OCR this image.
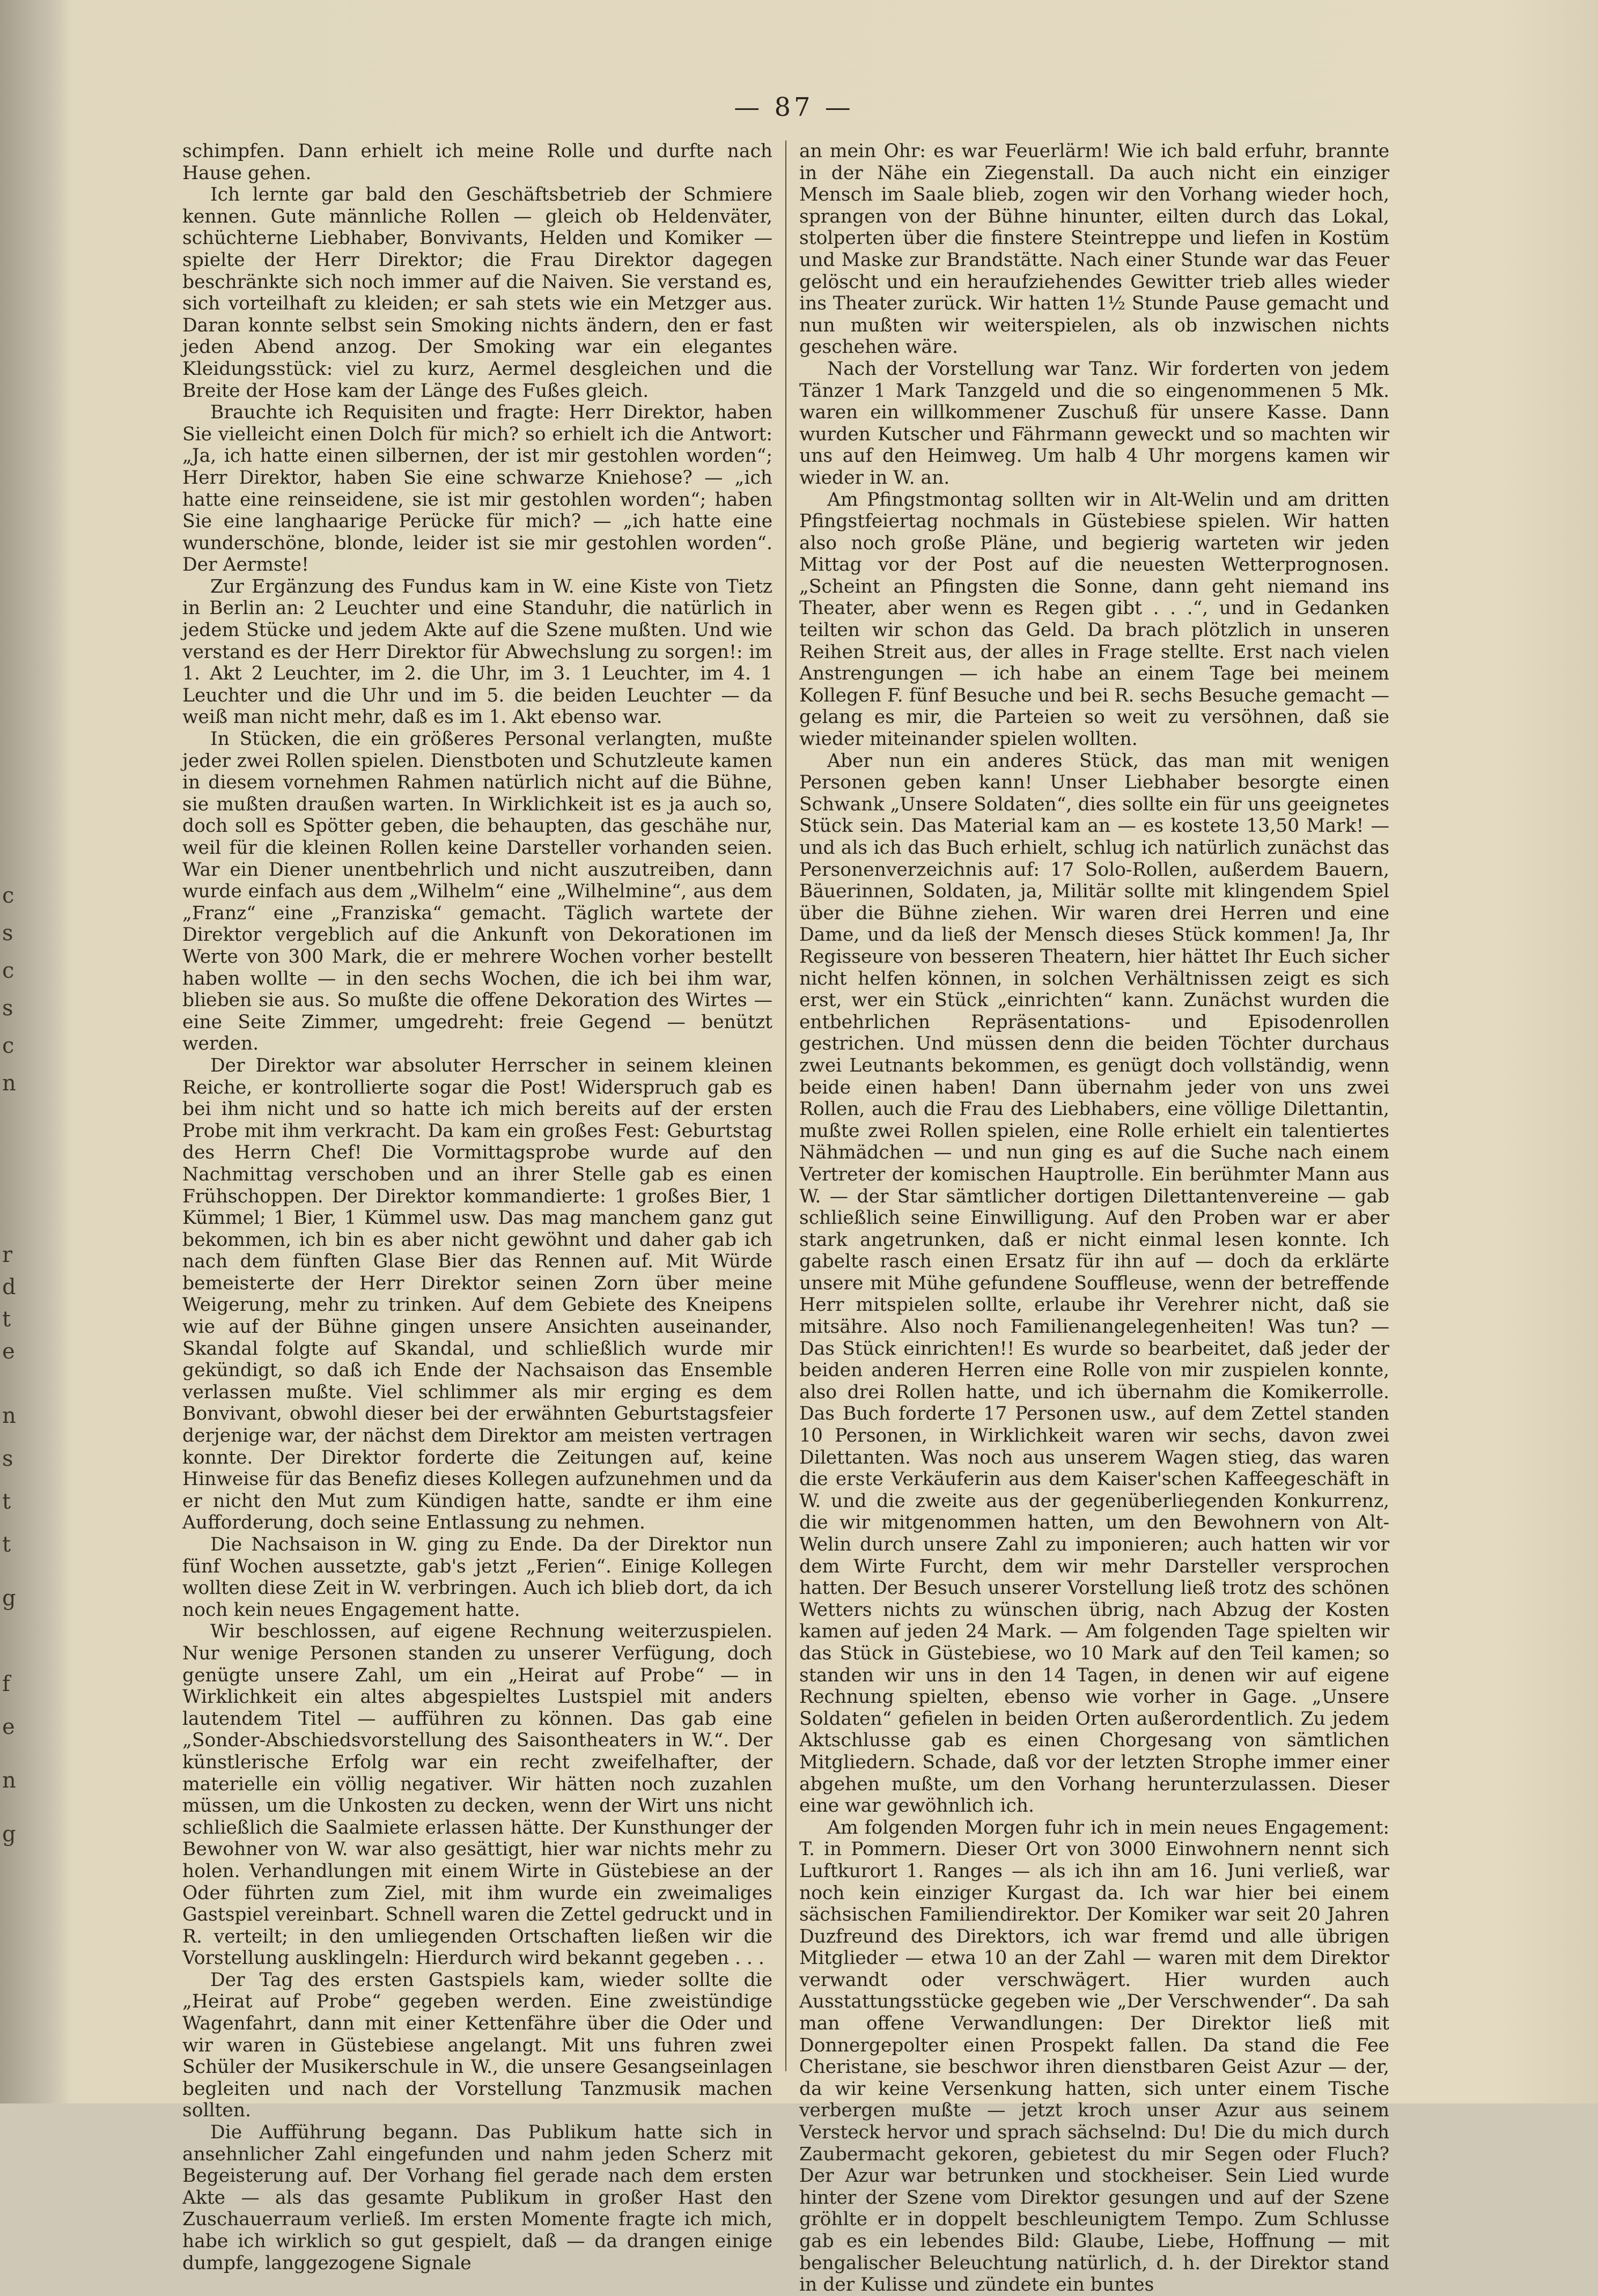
c
s
c
s
c
n
r
d
t
e
n
s
t
t
g
f
e
n
g
— 87 —

schimpfen. Dann erhielt ich meine Rolle und durfte nach Hause gehen.

Ich lernte gar bald den Geschäftsbetrieb der Schmiere kennen. Gute männliche Rollen — gleich ob Heldenväter, schüchterne Liebhaber, Bonvivants, Helden und Komiker — spielte der Herr Direktor; die Frau Direktor dagegen beschränkte sich noch immer auf die Naiven. Sie verstand es, sich vorteilhaft zu kleiden; er sah stets wie ein Metzger aus. Daran konnte selbst sein Smoking nichts ändern, den er fast jeden Abend anzog. Der Smoking war ein elegantes Kleidungsstück: viel zu kurz, Aermel desgleichen und die Breite der Hose kam der Länge des Fußes gleich.

Brauchte ich Requisiten und fragte: Herr Direktor, haben Sie vielleicht einen Dolch für mich? so erhielt ich die Antwort: „Ja, ich hatte einen silbernen, der ist mir gestohlen worden“; Herr Direktor, haben Sie eine schwarze Kniehose? — „ich hatte eine reinseidene, sie ist mir gestohlen worden“; haben Sie eine langhaarige Perücke für mich? — „ich hatte eine wunderschöne, blonde, leider ist sie mir gestohlen worden“. Der Aermste!

Zur Ergänzung des Fundus kam in W. eine Kiste von Tietz in Berlin an: 2 Leuchter und eine Standuhr, die natürlich in jedem Stücke und jedem Akte auf die Szene mußten. Und wie verstand es der Herr Direktor für Abwechslung zu sorgen!: im 1. Akt 2 Leuchter, im 2. die Uhr, im 3. 1 Leuchter, im 4. 1 Leuchter und die Uhr und im 5. die beiden Leuchter — da weiß man nicht mehr, daß es im 1. Akt ebenso war.

In Stücken, die ein größeres Personal verlangten, mußte jeder zwei Rollen spielen. Dienstboten und Schutzleute kamen in diesem vornehmen Rahmen natürlich nicht auf die Bühne, sie mußten draußen warten. In Wirklichkeit ist es ja auch so, doch soll es Spötter geben, die behaupten, das geschähe nur, weil für die kleinen Rollen keine Darsteller vorhanden seien. War ein Diener unentbehrlich und nicht auszutreiben, dann wurde einfach aus dem „Wilhelm“ eine „Wilhelmine“, aus dem „Franz“ eine „Franziska“ gemacht. Täglich wartete der Direktor vergeblich auf die Ankunft von Dekorationen im Werte von 300 Mark, die er mehrere Wochen vorher bestellt haben wollte — in den sechs Wochen, die ich bei ihm war, blieben sie aus. So mußte die offene Dekoration des Wirtes — eine Seite Zimmer, umgedreht: freie Gegend — benützt werden.

Der Direktor war absoluter Herrscher in seinem kleinen Reiche, er kontrollierte sogar die Post! Widerspruch gab es bei ihm nicht und so hatte ich mich bereits auf der ersten Probe mit ihm verkracht. Da kam ein großes Fest: Geburtstag des Herrn Chef! Die Vormittagsprobe wurde auf den Nachmittag verschoben und an ihrer Stelle gab es einen Frühschoppen. Der Direktor kommandierte: 1 großes Bier, 1 Kümmel; 1 Bier, 1 Kümmel usw. Das mag manchem ganz gut bekommen, ich bin es aber nicht gewöhnt und daher gab ich nach dem fünften Glase Bier das Rennen auf. Mit Würde bemeisterte der Herr Direktor seinen Zorn über meine Weigerung, mehr zu trinken. Auf dem Gebiete des Kneipens wie auf der Bühne gingen unsere Ansichten auseinander, Skandal folgte auf Skandal, und schließlich wurde mir gekündigt, so daß ich Ende der Nachsaison das Ensemble verlassen mußte. Viel schlimmer als mir erging es dem Bonvivant, obwohl dieser bei der erwähnten Geburtstagsfeier derjenige war, der nächst dem Direktor am meisten vertragen konnte. Der Direktor forderte die Zeitungen auf, keine Hinweise für das Benefiz dieses Kollegen aufzunehmen und da er nicht den Mut zum Kündigen hatte, sandte er ihm eine Aufforderung, doch seine Entlassung zu nehmen.

Die Nachsaison in W. ging zu Ende. Da der Direktor nun fünf Wochen aussetzte, gab's jetzt „Ferien“. Einige Kollegen wollten diese Zeit in W. verbringen. Auch ich blieb dort, da ich noch kein neues Engagement hatte.

Wir beschlossen, auf eigene Rechnung weiterzuspielen. Nur wenige Personen standen zu unserer Verfügung, doch genügte unsere Zahl, um ein „Heirat auf Probe“ — in Wirklichkeit ein altes abgespieltes Lustspiel mit anders lautendem Titel — aufführen zu können. Das gab eine „Sonder-Abschiedsvorstellung des Saisontheaters in W.“. Der künstlerische Erfolg war ein recht zweifelhafter, der materielle ein völlig negativer. Wir hätten noch zuzahlen müssen, um die Unkosten zu decken, wenn der Wirt uns nicht schließlich die Saalmiete erlassen hätte. Der Kunsthunger der Bewohner von W. war also gesättigt, hier war nichts mehr zu holen. Verhandlungen mit einem Wirte in Güstebiese an der Oder führten zum Ziel, mit ihm wurde ein zweimaliges Gastspiel vereinbart. Schnell waren die Zettel gedruckt und in R. verteilt; in den umliegenden Ortschaften ließen wir die Vorstellung ausklingeln: Hierdurch wird bekannt gegeben . . .

Der Tag des ersten Gastspiels kam, wieder sollte die „Heirat auf Probe“ gegeben werden. Eine zweistündige Wagenfahrt, dann mit einer Kettenfähre über die Oder und wir waren in Güstebiese angelangt. Mit uns fuhren zwei Schüler der Musikerschule in W., die unsere Gesangseinlagen begleiten und nach der Vorstellung Tanzmusik machen sollten.

Die Aufführung begann. Das Publikum hatte sich in ansehnlicher Zahl eingefunden und nahm jeden Scherz mit Begeisterung auf. Der Vorhang fiel gerade nach dem ersten Akte — als das gesamte Publikum in großer Hast den Zuschauerraum verließ. Im ersten Momente fragte ich mich, habe ich wirklich so gut gespielt, daß — da drangen einige dumpfe, langgezogene Signale

an mein Ohr: es war Feuerlärm! Wie ich bald erfuhr, brannte in der Nähe ein Ziegenstall. Da auch nicht ein einziger Mensch im Saale blieb, zogen wir den Vorhang wieder hoch, sprangen von der Bühne hinunter, eilten durch das Lokal, stolperten über die finstere Steintreppe und liefen in Kostüm und Maske zur Brandstätte. Nach einer Stunde war das Feuer gelöscht und ein heraufziehendes Gewitter trieb alles wieder ins Theater zurück. Wir hatten 1½ Stunde Pause gemacht und nun mußten wir weiterspielen, als ob inzwischen nichts geschehen wäre.

Nach der Vorstellung war Tanz. Wir forderten von jedem Tänzer 1 Mark Tanzgeld und die so eingenommenen 5 Mk. waren ein willkommener Zuschuß für unsere Kasse. Dann wurden Kutscher und Fährmann geweckt und so machten wir uns auf den Heimweg. Um halb 4 Uhr morgens kamen wir wieder in W. an.

Am Pfingstmontag sollten wir in Alt-Welin und am dritten Pfingstfeiertag nochmals in Güstebiese spielen. Wir hatten also noch große Pläne, und begierig warteten wir jeden Mittag vor der Post auf die neuesten Wetterprognosen. „Scheint an Pfingsten die Sonne, dann geht niemand ins Theater, aber wenn es Regen gibt . . .“, und in Gedanken teilten wir schon das Geld. Da brach plötzlich in unseren Reihen Streit aus, der alles in Frage stellte. Erst nach vielen Anstrengungen — ich habe an einem Tage bei meinem Kollegen F. fünf Besuche und bei R. sechs Besuche gemacht — gelang es mir, die Parteien so weit zu versöhnen, daß sie wieder miteinander spielen wollten.

Aber nun ein anderes Stück, das man mit wenigen Personen geben kann! Unser Liebhaber besorgte einen Schwank „Unsere Soldaten“, dies sollte ein für uns geeignetes Stück sein. Das Material kam an — es kostete 13,50 Mark! — und als ich das Buch erhielt, schlug ich natürlich zunächst das Personenverzeichnis auf: 17 Solo-Rollen, außerdem Bauern, Bäuerinnen, Soldaten, ja, Militär sollte mit klingendem Spiel über die Bühne ziehen. Wir waren drei Herren und eine Dame, und da ließ der Mensch dieses Stück kommen! Ja, Ihr Regisseure von besseren Theatern, hier hättet Ihr Euch sicher nicht helfen können, in solchen Verhältnissen zeigt es sich erst, wer ein Stück „einrichten“ kann. Zunächst wurden die entbehrlichen Repräsentations- und Episodenrollen gestrichen. Und müssen denn die beiden Töchter durchaus zwei Leutnants bekommen, es genügt doch vollständig, wenn beide einen haben! Dann übernahm jeder von uns zwei Rollen, auch die Frau des Liebhabers, eine völlige Dilettantin, mußte zwei Rollen spielen, eine Rolle erhielt ein talentiertes Nähmädchen — und nun ging es auf die Suche nach einem Vertreter der komischen Hauptrolle. Ein berühmter Mann aus W. — der Star sämtlicher dortigen Dilettantenvereine — gab schließlich seine Einwilligung. Auf den Proben war er aber stark angetrunken, daß er nicht einmal lesen konnte. Ich gabelte rasch einen Ersatz für ihn auf — doch da erklärte unsere mit Mühe gefundene Souffleuse, wenn der betreffende Herr mitspielen sollte, erlaube ihr Verehrer nicht, daß sie mitsähre. Also noch Familienangelegenheiten! Was tun? — Das Stück einrichten!! Es wurde so bearbeitet, daß jeder der beiden anderen Herren eine Rolle von mir zuspielen konnte, also drei Rollen hatte, und ich übernahm die Komikerrolle. Das Buch forderte 17 Personen usw., auf dem Zettel standen 10 Personen, in Wirklichkeit waren wir sechs, davon zwei Dilettanten. Was noch aus unserem Wagen stieg, das waren die erste Verkäuferin aus dem Kaiser'schen Kaffeegeschäft in W. und die zweite aus der gegenüberliegenden Konkurrenz, die wir mitgenommen hatten, um den Bewohnern von Alt-Welin durch unsere Zahl zu imponieren; auch hatten wir vor dem Wirte Furcht, dem wir mehr Darsteller versprochen hatten. Der Besuch unserer Vorstellung ließ trotz des schönen Wetters nichts zu wünschen übrig, nach Abzug der Kosten kamen auf jeden 24 Mark. — Am folgenden Tage spielten wir das Stück in Güstebiese, wo 10 Mark auf den Teil kamen; so standen wir uns in den 14 Tagen, in denen wir auf eigene Rechnung spielten, ebenso wie vorher in Gage. „Unsere Soldaten“ gefielen in beiden Orten außerordentlich. Zu jedem Aktschlusse gab es einen Chorgesang von sämtlichen Mitgliedern. Schade, daß vor der letzten Strophe immer einer abgehen mußte, um den Vorhang herunterzulassen. Dieser eine war gewöhnlich ich.

Am folgenden Morgen fuhr ich in mein neues Engagement: T. in Pommern. Dieser Ort von 3000 Einwohnern nennt sich Luftkurort 1. Ranges — als ich ihn am 16. Juni verließ, war noch kein einziger Kurgast da. Ich war hier bei einem sächsischen Familiendirektor. Der Komiker war seit 20 Jahren Duzfreund des Direktors, ich war fremd und alle übrigen Mitglieder — etwa 10 an der Zahl — waren mit dem Direktor verwandt oder verschwägert. Hier wurden auch Ausstattungsstücke gegeben wie „Der Verschwender“. Da sah man offene Verwandlungen: Der Direktor ließ mit Donnergepolter einen Prospekt fallen. Da stand die Fee Cheristane, sie beschwor ihren dienstbaren Geist Azur — der, da wir keine Versenkung hatten, sich unter einem Tische verbergen mußte — jetzt kroch unser Azur aus seinem Versteck hervor und sprach sächselnd: Du! Die du mich durch Zaubermacht gekoren, gebietest du mir Segen oder Fluch? Der Azur war betrunken und stockheiser. Sein Lied wurde hinter der Szene vom Direktor gesungen und auf der Szene gröhlte er in doppelt beschleunigtem Tempo. Zum Schlusse gab es ein lebendes Bild: Glaube, Liebe, Hoffnung — mit bengalischer Beleuchtung natürlich, d. h. der Direktor stand in der Kulisse und zündete ein buntes
